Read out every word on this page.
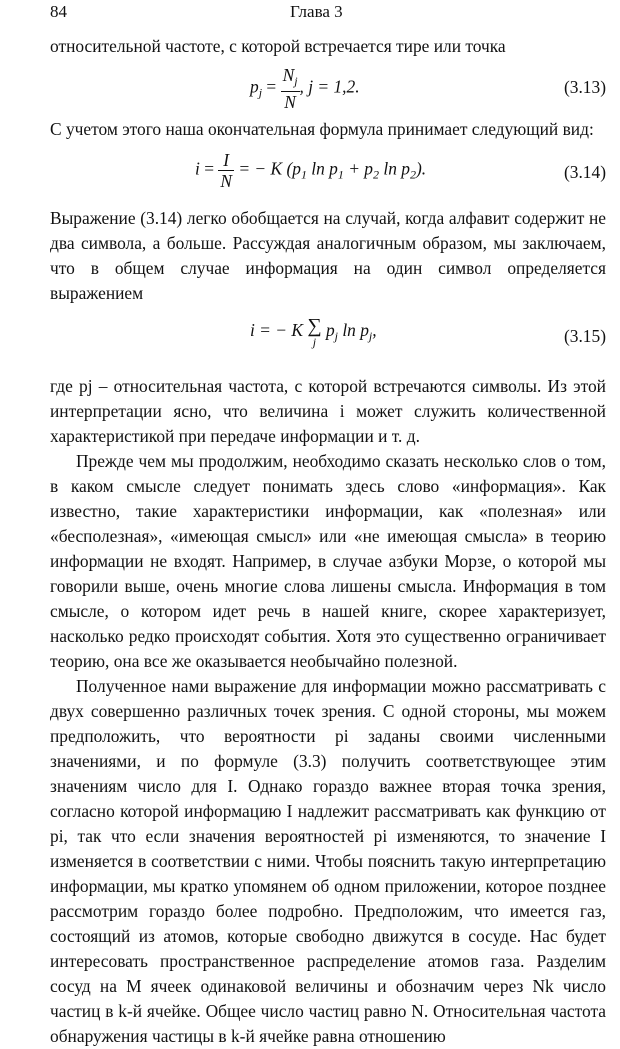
84	Глава 3

относительной частоте, с которой встречается тире или точка

$p_j = \frac{N_j}{N}$ , j = 1,2.	(3.13)

С учетом этого наша окончательная формула принимает следующий вид:

$i = \frac{I}{N}$ = − K ($p_1$ $\ln p_1 + p_2$ $\ln p_2$).	(3.14)

Выражение (3.14) легко обобщается на случай, когда алфавит содержит не два символа, а больше. Рассуждая аналогичным образом, мы заключаем, что в общем случае информация на один символ определяется выражением

i = − K ∑
j
$p_j$ $\ln p_j$,	(3.15)

где pj – относительная частота, с которой встречаются символы. Из этой интерпретации ясно, что величина i может служить количественной характеристикой при передаче информации и т. д.

Прежде чем мы продолжим, необходимо сказать несколько слов о том, в каком смысле следует понимать здесь слово «информация». Как известно, такие характеристики информации, как «полезная» или «бесполезная», «имеющая смысл» или «не имеющая смысла» в теорию информации не входят. Например, в случае азбуки Морзе, о которой мы говорили выше, очень многие слова лишены смысла. Информация в том смысле, о котором идет речь в нашей книге, скорее характеризует, насколько редко происходят события. Хотя это существенно ограничивает теорию, она все же оказывается необычайно полезной.

Полученное нами выражение для информации можно рассматривать с двух совершенно различных точек зрения. С одной стороны, мы можем предположить, что вероятности pi заданы своими численными значениями, и по формуле (3.3) получить соответствующее этим значениям число для I. Однако гораздо важнее вторая точка зрения, согласно которой информацию I надлежит рассматривать как функцию от pi, так что если значения вероятностей pi изменяются, то значение I изменяется в соответствии с ними. Чтобы пояснить такую интерпретацию информации, мы кратко упомянем об одном приложении, которое позднее рассмотрим гораздо более подробно. Предположим, что имеется газ, состоящий из атомов, которые свободно движутся в сосуде. Нас будет интересовать пространственное распределение атомов газа. Разделим сосуд на M ячеек одинаковой величины и обозначим через Nk число частиц в k-й ячейке. Общее число частиц равно N. Относительная частота обнаружения частицы в k-й ячейке равна отношению
